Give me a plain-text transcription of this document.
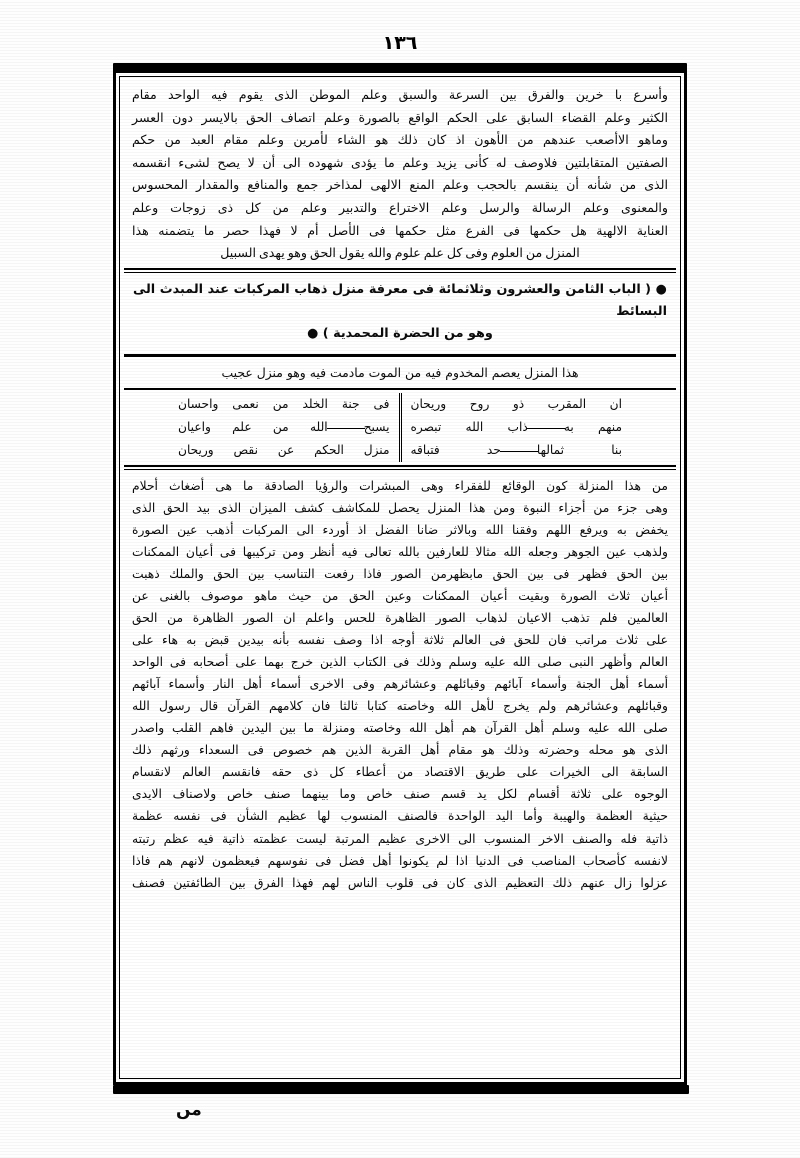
١٣٦

وأسرع با خرين والفرق بين السرعة والسبق وعلم الموطن الذى يقوم فيه الواحد مقام

الكثير وعلم القضاء السابق على الحكم الواقع بالصورة وعلم اتصاف الحق بالايسر دون العسر

وماهو الاأصعب عندهم من الأهون اذ كان ذلك هو الشاء لأمرين وعلم مقام العبد من حكم

الصفتين المتقابلتين فلاوصف له كأنى يزيد وعلم ما يؤدى شهوده الى أن لا يصح لشىء انقسمه

الذى من شأنه أن ينقسم بالحجب وعلم المنع الالهى لمذاخر جمع والمنافع والمقدار المحسوس

والمعنوى وعلم الرسالة والرسل وعلم الاختراع والتدبير وعلم من كل ذى زوجات وعلم

العناية الالهية هل حكمها فى الفرع مثل حكمها فى الأصل أم لا فهذا حصر ما يتضمنه هذا

المنزل من العلوم وفى كل علم علوم والله يقول الحق وهو يهدى السبيل

● ( الباب الثامن والعشرون وثلاثمائة فى معرفة منزل ذهاب المركبات عند المبدث الى البسائط
وهو من الحضرة المحمدية ) ●
هذا المنزل يعصم المخدوم فيه من الموت مادمت فيه وهو منزل عجيب
ان المقرب ذو روح وريحان	فى جنة الخلد من نعمى واحسان
منهم بهذاب الله تبصره	يسبحالله من علم واعيان
بنا ثمالهاحد فتباقه	منزل الحكم عن نقص وريحان

من هذا المنزلة كون الوقائع للفقراء وهى المبشرات والرؤيا الصادقة ما هى أضغاث أحلام

وهى جزء من أجزاء النبوة ومن هذا المنزل يحصل للمكاشف كشف الميزان الذى بيد الحق الذى

يخفض به ويرفع اللهم وفقنا الله وبالاثر ضانا الفضل اذ أوردء الى المركبات أذهب عين الصورة

ولذهب عين الجوهر وجعله الله مثالا للعارفين بالله تعالى فيه أنظر ومن تركيبها فى أعيان الممكنات

بين الحق فظهر فى بين الحق مابظهرمن الصور فاذا رفعت التناسب بين الحق والملك ذهبت

أعيان ثلاث الصورة وبقيت أعيان الممكنات وعين الحق من حيث ماهو موصوف بالغنى عن

العالمين فلم تذهب الاعيان لذهاب الصور الظاهرة للحس واعلم ان الصور الظاهرة من الحق

على ثلاث مراتب فان للحق فى العالم ثلاثة أوجه اذا وصف نفسه بأنه بيدين قبض به هاء على

العالم وأظهر النبى صلى الله عليه وسلم وذلك فى الكتاب الذين خرج بهما على أصحابه فى الواحد

أسماء أهل الجنة وأسماء آبائهم وقبائلهم وعشائرهم وفى الاخرى أسماء أهل النار وأسماء آبائهم

وقبائلهم وعشائرهم ولم يخرج لأهل الله وخاصته كتابا ثالثا فان كلامهم القرآن قال رسول الله

صلى الله عليه وسلم أهل القرآن هم أهل الله وخاصته ومنزلة ما بين اليدين فاهم القلب واصدر

الذى هو محله وحضرته وذلك هو مقام أهل القربة الذين هم خصوص فى السعداء ورثهم ذلك

السابقة الى الخيرات على طريق الاقتصاد من أعطاء كل ذى حقه فانقسم العالم لانقسام

الوجوه على ثلاثة أقسام لكل يد قسم صنف خاص وما بينهما صنف خاص ولاصناف الايدى

حيثية العظمة والهيبة وأما اليد الواحدة فالصنف المنسوب لها عظيم الشأن فى نفسه عظمة

ذاتية فله والصنف الاخر المنسوب الى الاخرى عظيم المرتبة ليست عظمته ذاتية فيه عظم رتبته

لانفسه كأصحاب المناصب فى الدنيا اذا لم يكونوا أهل فضل فى نفوسهم فيعظمون لانهم هم فاذا

عزلوا زال عنهم ذلك التعظيم الذى كان فى قلوب الناس لهم فهذا الفرق بين الطائفتين فصنف

مں
